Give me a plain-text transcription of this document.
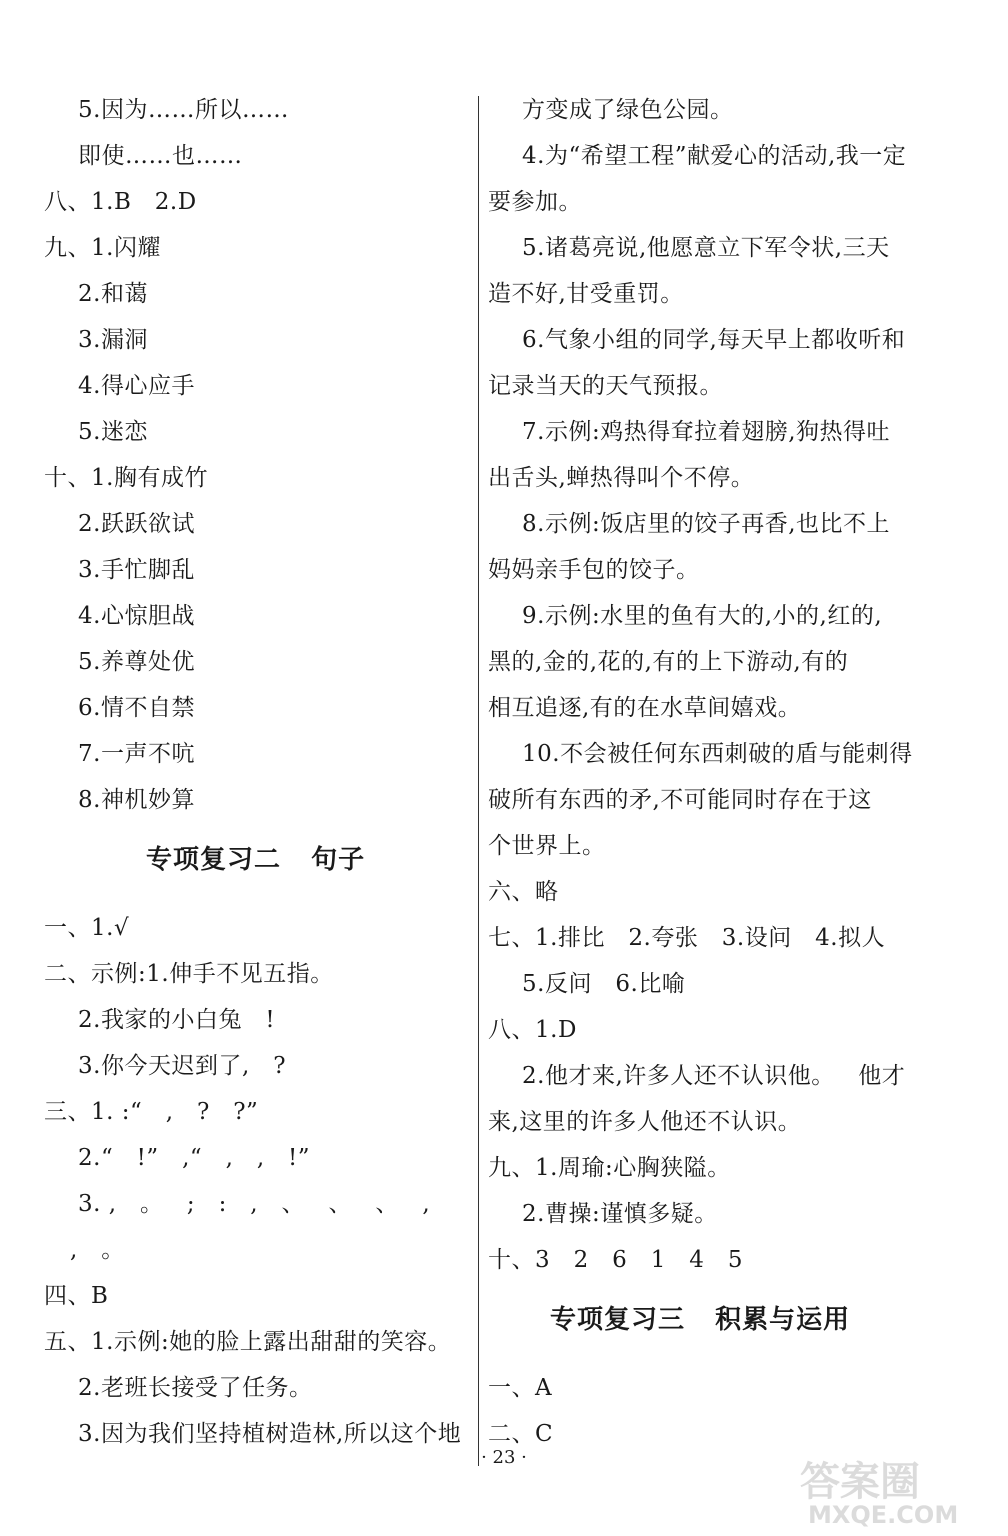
5.因为……所以……
即使……也……
八、1.B   2.D
九、1.闪耀
2.和蔼
3.漏洞
4.得心应手
5.迷恋
十、1.胸有成竹
2.跃跃欲试
3.手忙脚乱
4.心惊胆战
5.养尊处优
6.情不自禁
7.一声不吭
8.神机妙算
专项复习二   句子
一、1.√
二、示例:1.伸手不见五指。
2.我家的小白兔   !
3.你今天迟到了,   ?
三、1. :“   ,   ?   ?”
2.“   !”   ,“   ,   ,   !”
3. ,   。   ;   :   ,   、   、   、   ,
,   。
四、B
五、1.示例:她的脸上露出甜甜的笑容。
2.老班长接受了任务。
3.因为我们坚持植树造林,所以这个地
方变成了绿色公园。
4.为“希望工程”献爱心的活动,我一定
要参加。
5.诸葛亮说,他愿意立下军令状,三天
造不好,甘受重罚。
6.气象小组的同学,每天早上都收听和
记录当天的天气预报。
7.示例:鸡热得耷拉着翅膀,狗热得吐
出舌头,蝉热得叫个不停。
8.示例:饭店里的饺子再香,也比不上
妈妈亲手包的饺子。
9.示例:水里的鱼有大的,小的,红的,
黑的,金的,花的,有的上下游动,有的
相互追逐,有的在水草间嬉戏。
10.不会被任何东西刺破的盾与能刺得
破所有东西的矛,不可能同时存在于这
个世界上。
六、略
七、1.排比   2.夸张   3.设问   4.拟人
5.反问   6.比喻
八、1.D
2.他才来,许多人还不认识他。   他才
来,这里的许多人他还不认识。
九、1.周瑜:心胸狭隘。
2.曹操:谨慎多疑。
十、3   2   6   1   4   5
专项复习三   积累与运用
一、A
二、C
· 23 ·
答案圈
MXQE.COM
